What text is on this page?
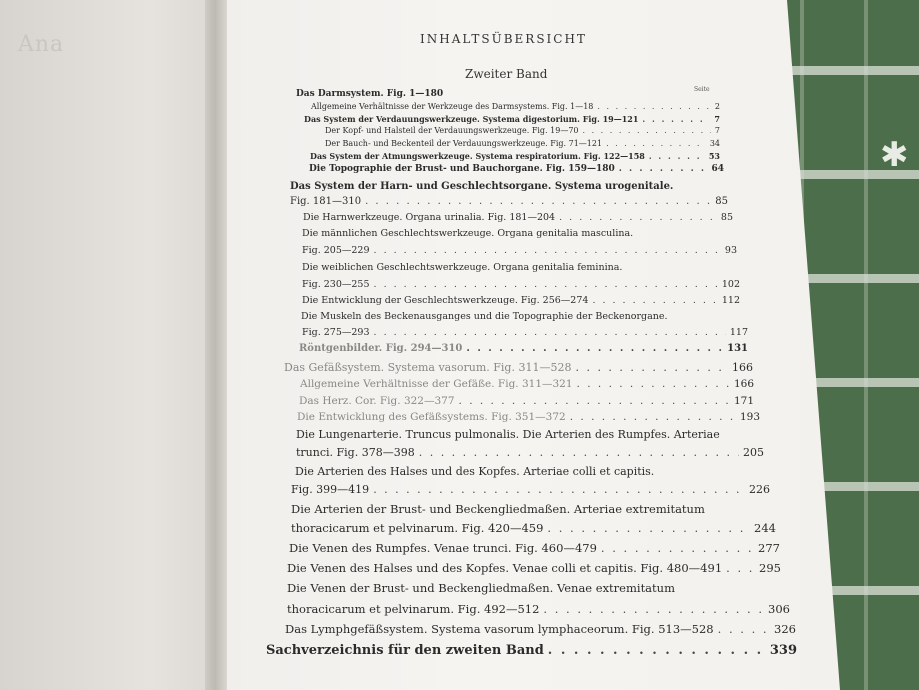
✱
Ana	INHALTSÜBERSICHT
Zweiter Band
Seite
Das Darmsystem. Fig. 1—180
Allgemeine Verhältnisse der Werkzeuge des Darmsystems. Fig. 1—18 . . .	2
Das System der Verdauungswerkzeuge. Systema digestorium. Fig. 19—121 . . .	7
Der Kopf- und Halsteil der Verdauungswerkzeuge. Fig. 19—70 . . .	7
Der Bauch- und Beckenteil der Verdauungswerkzeuge. Fig. 71—121 . . .	34
Das System der Atmungswerkzeuge. Systema respiratorium. Fig. 122—158 . . .	53
Die Topographie der Brust- und Bauchorgane. Fig. 159—180 . . .	64
Das System der Harn- und Geschlechtsorgane. Systema urogenitale.
Fig. 181—310 . . .	85
Die Harnwerkzeuge. Organa urinalia. Fig. 181—204 . . .	85
Die männlichen Geschlechtswerkzeuge. Organa genitalia masculina.
Fig. 205—229 . . .	93
Die weiblichen Geschlechtswerkzeuge. Organa genitalia feminina.
Fig. 230—255 . . .	102
Die Entwicklung der Geschlechtswerkzeuge. Fig. 256—274 . . .	112
Die Muskeln des Beckenausganges und die Topographie der Beckenorgane.
Fig. 275—293 . . .	117
Röntgenbilder. Fig. 294—310 . . .	131
Das Gefäßsystem. Systema vasorum. Fig. 311—528 . . .	166
Allgemeine Verhältnisse der Gefäße. Fig. 311—321 . . .	166
Das Herz. Cor. Fig. 322—377 . . .	171
Die Entwicklung des Gefäßsystems. Fig. 351—372 . . .	193
Die Lungenarterie. Truncus pulmonalis. Die Arterien des Rumpfes. Arteriae
trunci. Fig. 378—398 . . .	205
Die Arterien des Halses und des Kopfes. Arteriae colli et capitis.
Fig. 399—419 . . .	226
Die Arterien der Brust- und Beckengliedmaßen. Arteriae extremitatum
thoracicarum et pelvinarum. Fig. 420—459 . . .	244
Die Venen des Rumpfes. Venae trunci. Fig. 460—479 . . .	277
Die Venen des Halses und des Kopfes. Venae colli et capitis. Fig. 480—491 . . .	295
Die Venen der Brust- und Beckengliedmaßen. Venae extremitatum
thoracicarum et pelvinarum. Fig. 492—512 . . .	306
Das Lymphgefäßsystem. Systema vasorum lymphaceorum. Fig. 513—528 . . .	326
Sachverzeichnis für den zweiten Band . . .	339
